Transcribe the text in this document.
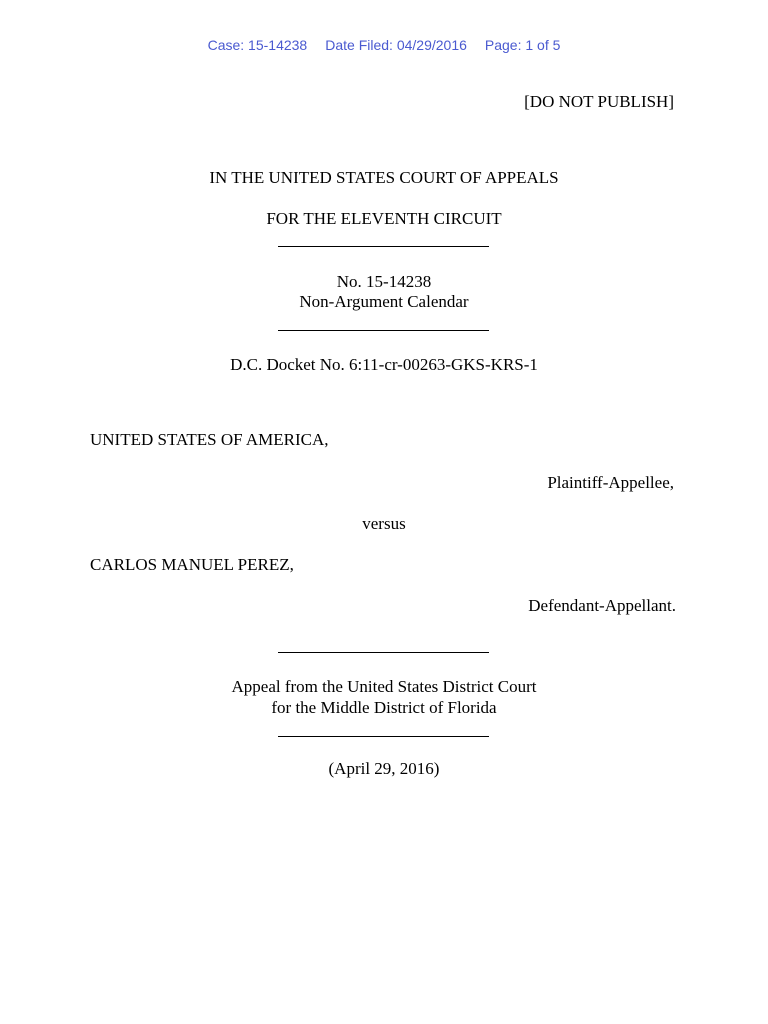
Case: 15-14238 Date Filed: 04/29/2016 Page: 1 of 5
[DO NOT PUBLISH]
IN THE UNITED STATES COURT OF APPEALS
FOR THE ELEVENTH CIRCUIT
No. 15-14238
Non-Argument Calendar
D.C. Docket No. 6:11-cr-00263-GKS-KRS-1
UNITED STATES OF AMERICA,
Plaintiff-Appellee,
versus
CARLOS MANUEL PEREZ,
Defendant-Appellant.
Appeal from the United States District Court
for the Middle District of Florida
(April 29, 2016)
